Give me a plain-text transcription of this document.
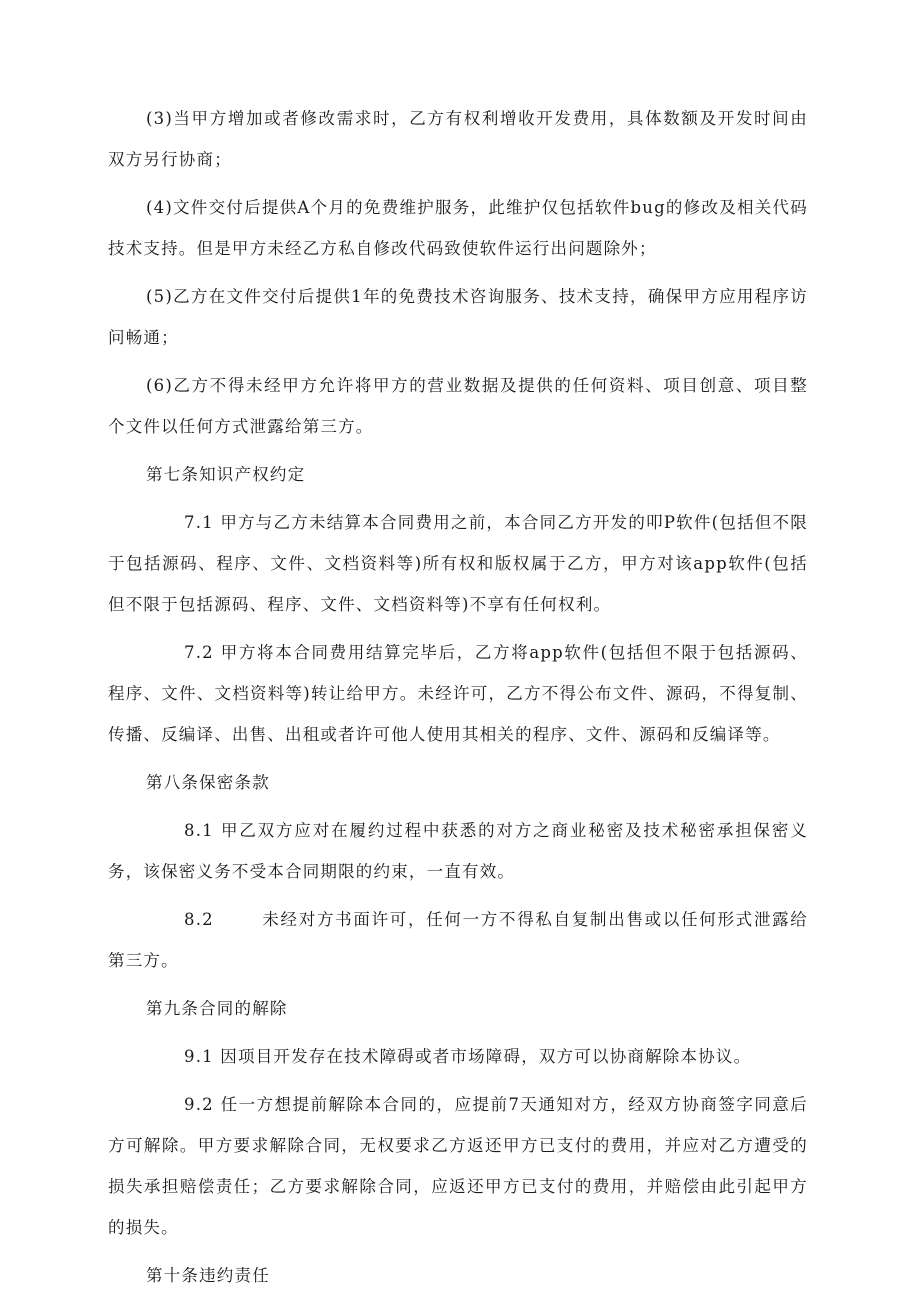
(3)当甲方增加或者修改需求时，乙方有权利增收开发费用，具体数额及开发时间由双方另行协商；

(4)文件交付后提供A个月的免费维护服务，此维护仅包括软件bug的修改及相关代码技术支持。但是甲方未经乙方私自修改代码致使软件运行出问题除外；

(5)乙方在文件交付后提供1年的免费技术咨询服务、技术支持，确保甲方应用程序访问畅通；

(6)乙方不得未经甲方允许将甲方的营业数据及提供的任何资料、项目创意、项目整个文件以任何方式泄露给第三方。

第七条知识产权约定

7.1 甲方与乙方未结算本合同费用之前，本合同乙方开发的叩P软件(包括但不限于包括源码、程序、文件、文档资料等)所有权和版权属于乙方，甲方对该app软件(包括但不限于包括源码、程序、文件、文档资料等)不享有任何权利。

7.2 甲方将本合同费用结算完毕后，乙方将app软件(包括但不限于包括源码、程序、文件、文档资料等)转让给甲方。未经许可，乙方不得公布文件、源码，不得复制、传播、反编译、出售、出租或者许可他人使用其相关的程序、文件、源码和反编译等。

第八条保密条款

8.1 甲乙双方应对在履约过程中获悉的对方之商业秘密及技术秘密承担保密义务，该保密义务不受本合同期限的约束，一直有效。

8.2	未经对方书面许可，任何一方不得私自复制出售或以任何形式泄露给第三方。

第九条合同的解除

9.1 因项目开发存在技术障碍或者市场障碍，双方可以协商解除本协议。

9.2 任一方想提前解除本合同的，应提前7天通知对方，经双方协商签字同意后方可解除。甲方要求解除合同，无权要求乙方返还甲方已支付的费用，并应对乙方遭受的损失承担赔偿责任；乙方要求解除合同，应返还甲方已支付的费用，并赔偿由此引起甲方的损失。

第十条违约责任
